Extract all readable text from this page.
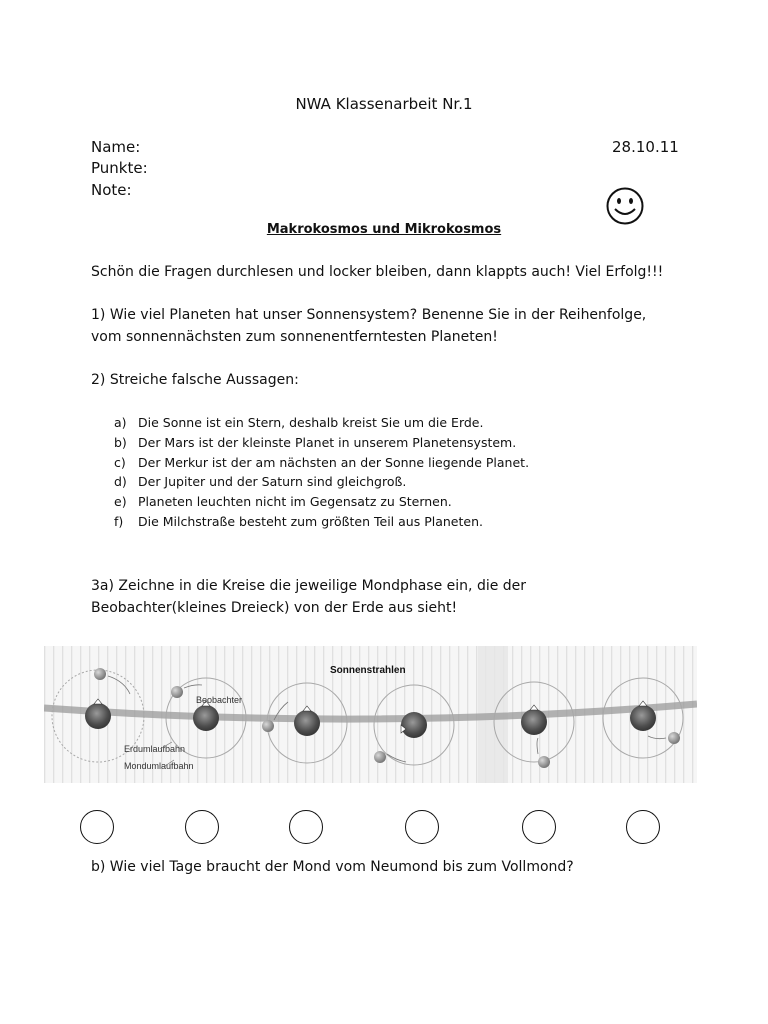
NWA Klassenarbeit Nr.1
Name:
Punkte:
Note:
28.10.11
Makrokosmos und Mikrokosmos
Schön die Fragen durchlesen und locker bleiben, dann klappts auch! Viel Erfolg!!!
1) Wie viel Planeten hat unser Sonnensystem? Benenne Sie in der Reihenfolge,
vom sonnennächsten zum sonnenentferntesten Planeten!
2) Streiche falsche Aussagen:
a) Die Sonne ist ein Stern, deshalb kreist Sie um die Erde.
b) Der Mars ist der kleinste Planet in unserem Planetensystem.
c) Der Merkur ist der am nächsten an der Sonne liegende Planet.
d) Der Jupiter und der Saturn sind gleichgroß.
e) Planeten leuchten nicht im Gegensatz zu Sternen.
f) Die Milchstraße besteht zum größten Teil aus Planeten.
3a) Zeichne in die Kreise die jeweilige Mondphase ein, die der
Beobachter(kleines Dreieck) von der Erde aus sieht!
Sonnenstrahlen
Beobachter
Erdumlaufbahn
Mondumlaufbahn
b) Wie viel Tage braucht der Mond vom Neumond bis zum Vollmond?
